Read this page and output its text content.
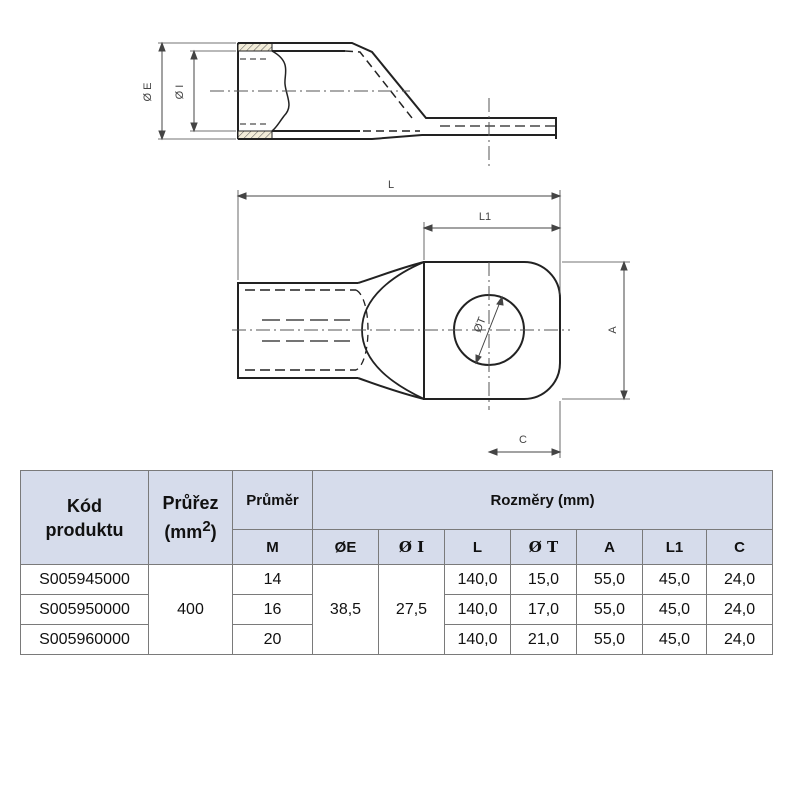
Ø E Ø I
ØT
L
L1
A
C
Kód
produktu	Průřez
$(mm^2)$	Průměr	Rozměry (mm)						
		M	ØE	Ø I	L	Ø T	A	L1	C
S005945000	400	14	38,5	27,5	140,0	15,0	55,0	45,0	24,0
S005950000		16			140,0	17,0	55,0	45,0	24,0
S005960000		20			140,0	21,0	55,0	45,0	24,0
